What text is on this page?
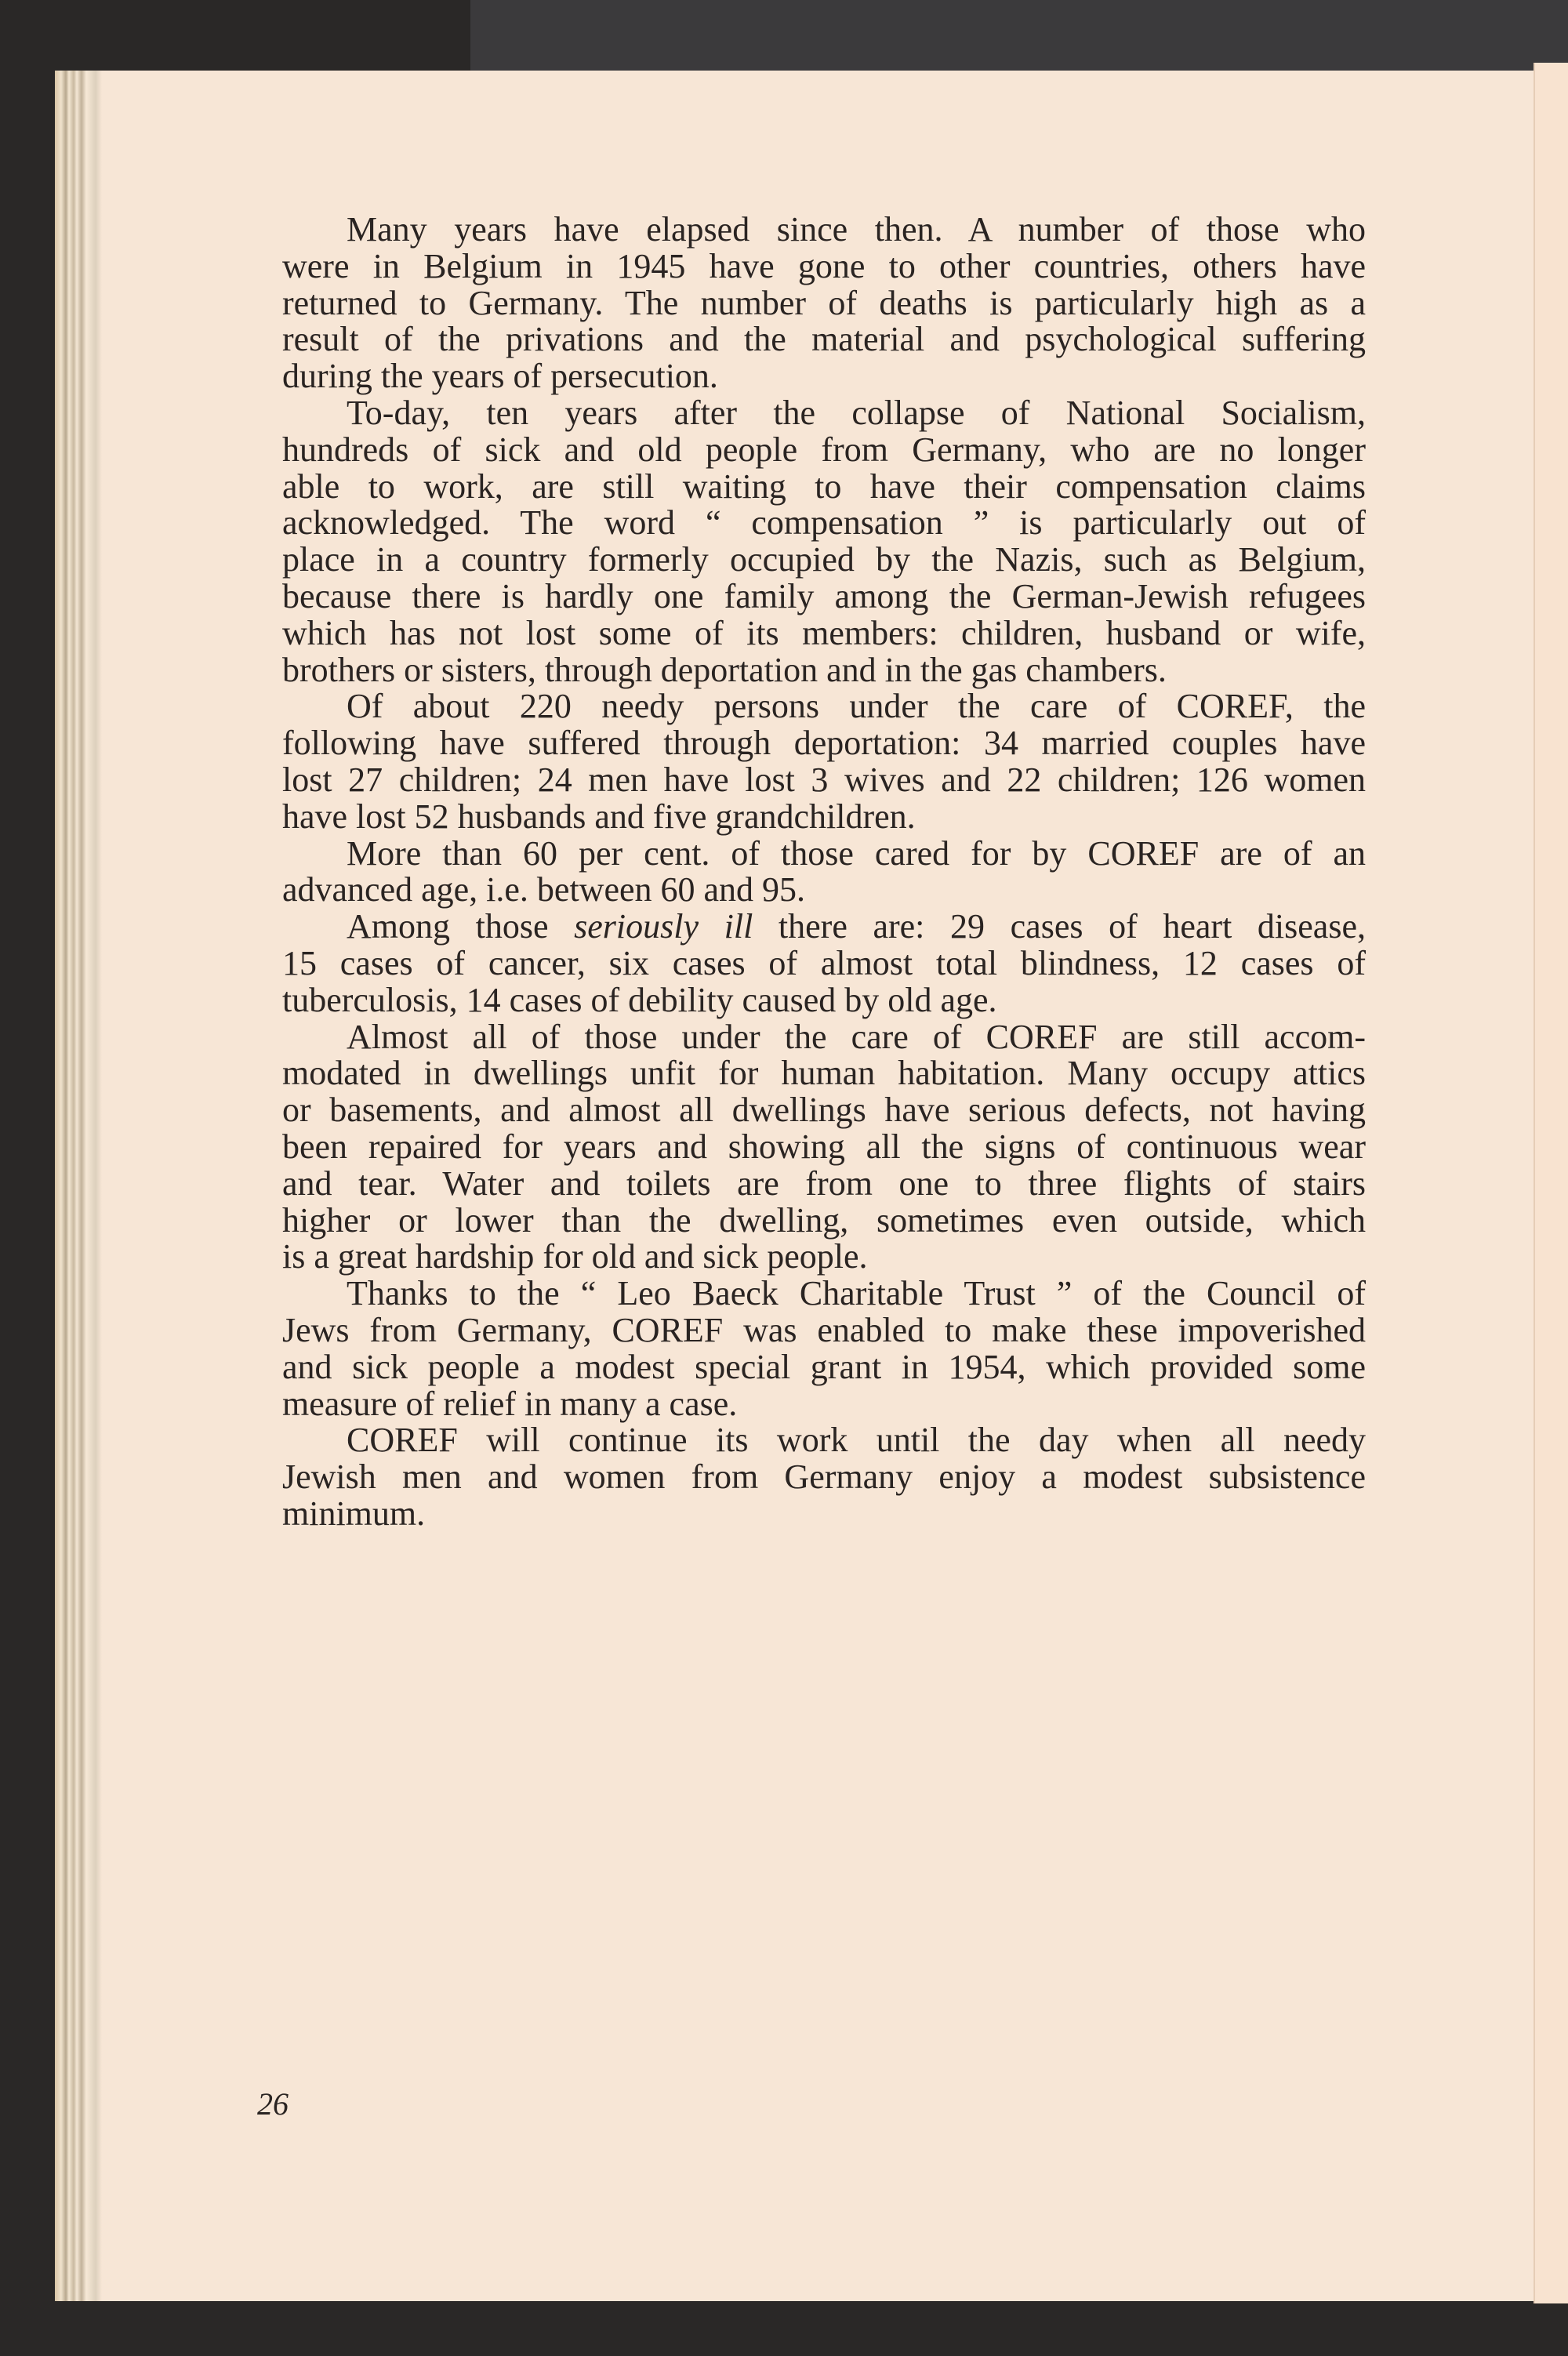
Many years have elapsed since then. A number of those who
were in Belgium in 1945 have gone to other countries, others have
returned to Germany. The number of deaths is particularly high as a
result of the privations and the material and psychological suffering
during the years of persecution.
To-day, ten years after the collapse of National Socialism,
hundreds of sick and old people from Germany, who are no longer
able to work, are still waiting to have their compensation claims
acknowledged. The word “ compensation ” is particularly out of
place in a country formerly occupied by the Nazis, such as Belgium,
because there is hardly one family among the German-Jewish refugees
which has not lost some of its members: children, husband or wife,
brothers or sisters, through deportation and in the gas chambers.
Of about 220 needy persons under the care of COREF, the
following have suffered through deportation: 34 married couples have
lost 27 children; 24 men have lost 3 wives and 22 children; 126 women
have lost 52 husbands and five grandchildren.
More than 60 per cent. of those cared for by COREF are of an
advanced age, i.e. between 60 and 95.
Among those seriously ill there are: 29 cases of heart disease,
15 cases of cancer, six cases of almost total blindness, 12 cases of
tuberculosis, 14 cases of debility caused by old age.
Almost all of those under the care of COREF are still accom-
modated in dwellings unfit for human habitation. Many occupy attics
or basements, and almost all dwellings have serious defects, not having
been repaired for years and showing all the signs of continuous wear
and tear. Water and toilets are from one to three flights of stairs
higher or lower than the dwelling, sometimes even outside, which
is a great hardship for old and sick people.
Thanks to the “ Leo Baeck Charitable Trust ” of the Council of
Jews from Germany, COREF was enabled to make these impoverished
and sick people a modest special grant in 1954, which provided some
measure of relief in many a case.
COREF will continue its work until the day when all needy
Jewish men and women from Germany enjoy a modest subsistence
minimum.
26
